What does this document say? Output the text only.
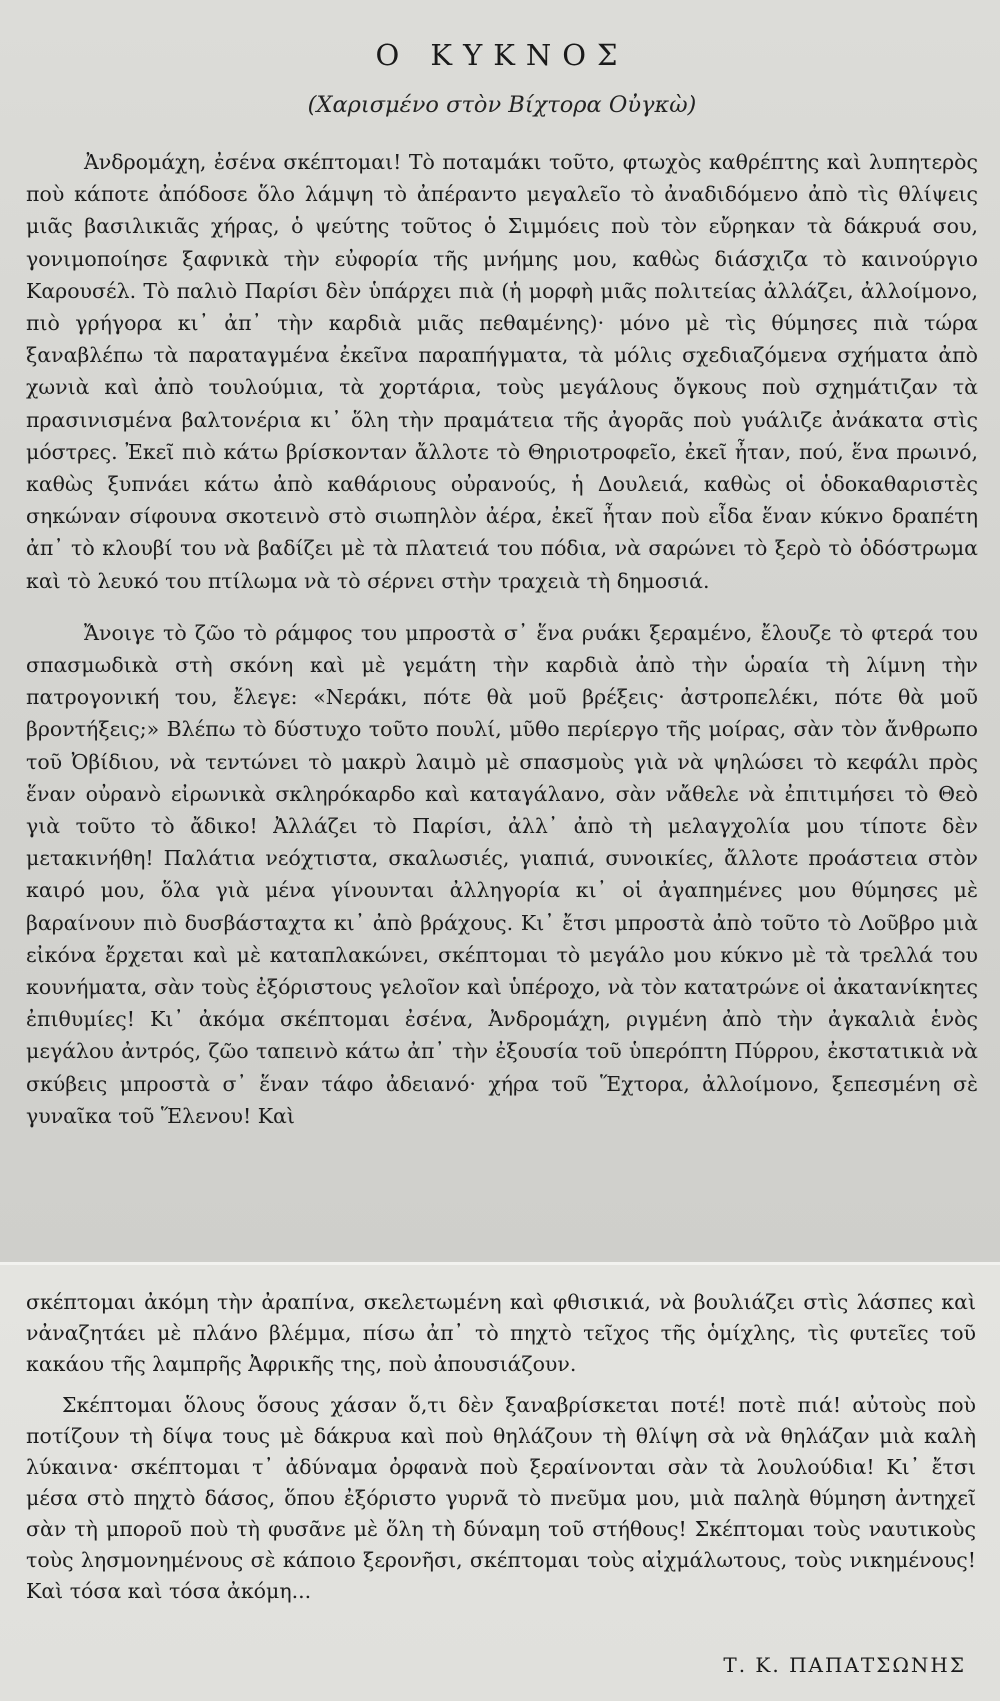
Ο ΚΥΚΝΟΣ
(Χαρισμένο στὸν Βίχτορα Οὐγκὼ)

Ἀνδρομάχη, ἐσένα σκέπτομαι! Τὸ ποταμάκι τοῦτο, φτωχὸς καθρέπτης καὶ λυπητερὸς ποὺ κάποτε ἀπόδοσε ὅλο λάμψη τὸ ἀπέραντο μεγαλεῖο τὸ ἀναδιδόμενο ἀπὸ τὶς θλίψεις μιᾶς βασιλικιᾶς χήρας, ὁ ψεύτης τοῦτος ὁ Σιμμόεις ποὺ τὸν εὔρηκαν τὰ δάκρυά σου, γονιμοποίησε ξαφνικὰ τὴν εὐφορία τῆς μνήμης μου, καθὼς διάσχιζα τὸ καινούργιο Καρουσέλ. Τὸ παλιὸ Παρίσι δὲν ὑπάρχει πιὰ (ἡ μορφὴ μιᾶς πολιτείας ἀλλάζει, ἀλλοίμονο, πιὸ γρήγορα κι᾿ ἀπ᾿ τὴν καρδιὰ μιᾶς πεθαμένης)· μόνο μὲ τὶς θύμησες πιὰ τώρα ξαναβλέπω τὰ παραταγμένα ἐκεῖνα παραπήγματα, τὰ μόλις σχεδιαζόμενα σχήματα ἀπὸ χωνιὰ καὶ ἀπὸ τουλούμια, τὰ χορτάρια, τοὺς μεγάλους ὄγκους ποὺ σχημάτιζαν τὰ πρασινισμένα βαλτονέρια κι᾿ ὅλη τὴν πραμάτεια τῆς ἀγορᾶς ποὺ γυάλιζε ἀνάκατα στὶς μόστρες. Ἐκεῖ πιὸ κάτω βρίσκονταν ἄλλοτε τὸ Θηριοτροφεῖο, ἐκεῖ ἦταν, πού, ἕνα πρωινό, καθὼς ξυπνάει κάτω ἀπὸ καθάριους οὐρανούς, ἡ Δουλειά, καθὼς οἱ ὁδοκαθαριστὲς σηκώναν σίφουνα σκοτεινὸ στὸ σιωπηλὸν ἀέρα, ἐκεῖ ἦταν ποὺ εἶδα ἕναν κύκνο δραπέτη ἀπ᾿ τὸ κλουβί του νὰ βαδίζει μὲ τὰ πλατειά του πόδια, νὰ σαρώνει τὸ ξερὸ τὸ ὁδόστρωμα καὶ τὸ λευκό του πτίλωμα νὰ τὸ σέρνει στὴν τραχειὰ τὴ δημοσιά.

Ἄνοιγε τὸ ζῶο τὸ ράμφος του μπροστὰ σ᾿ ἕνα ρυάκι ξεραμένο, ἔλουζε τὸ φτερά του σπασμωδικὰ στὴ σκόνη καὶ μὲ γεμάτη τὴν καρδιὰ ἀπὸ τὴν ὡραία τὴ λίμνη τὴν πατρογονική του, ἔλεγε: «Νεράκι, πότε θὰ μοῦ βρέξεις· ἀστροπελέκι, πότε θὰ μοῦ βροντήξεις;» Βλέπω τὸ δύστυχο τοῦτο πουλί, μῦθο περίεργο τῆς μοίρας, σὰν τὸν ἄνθρωπο τοῦ Ὀβίδιου, νὰ τεντώνει τὸ μακρὺ λαιμὸ μὲ σπασμοὺς γιὰ νὰ ψηλώσει τὸ κεφάλι πρὸς ἕναν οὐρανὸ εἰρωνικὰ σκληρόκαρδο καὶ καταγάλανο, σὰν νἄθελε νὰ ἐπιτιμήσει τὸ Θεὸ γιὰ τοῦτο τὸ ἄδικο! Ἀλλάζει τὸ Παρίσι, ἀλλ᾿ ἀπὸ τὴ μελαγχολία μου τίποτε δὲν μετακινήθη! Παλάτια νεόχτιστα, σκαλωσιές, γιαπιά, συνοικίες, ἄλλοτε προάστεια στὸν καιρό μου, ὅλα γιὰ μένα γίνουνται ἀλληγορία κι᾿ οἱ ἀγαπημένες μου θύμησες μὲ βαραίνουν πιὸ δυσβάσταχτα κι᾿ ἀπὸ βράχους. Κι᾿ ἔτσι μπροστὰ ἀπὸ τοῦτο τὸ Λοῦβρο μιὰ εἰκόνα ἔρχεται καὶ μὲ καταπλακώνει, σκέπτομαι τὸ μεγάλο μου κύκνο μὲ τὰ τρελλά του κουνήματα, σὰν τοὺς ἐξόριστους γελοῖον καὶ ὑπέροχο, νὰ τὸν κατατρώνε οἱ ἀκατανίκητες ἐπιθυμίες! Κι᾿ ἀκόμα σκέπτομαι ἐσένα, Ἀνδρομάχη, ριγμένη ἀπὸ τὴν ἀγκαλιὰ ἑνὸς μεγάλου ἀντρός, ζῶο ταπεινὸ κάτω ἀπ᾿ τὴν ἐξουσία τοῦ ὑπερόπτη Πύρρου, ἐκστατικιὰ νὰ σκύβεις μπροστὰ σ᾿ ἕναν τάφο ἀδειανό· χήρα τοῦ Ἕχτορα, ἀλλοίμονο, ξεπεσμένη σὲ γυναῖκα τοῦ Ἕλενου! Καὶ

σκέπτομαι ἀκόμη τὴν ἀραπίνα, σκελετωμένη καὶ φθισικιά, νὰ βουλιάζει στὶς λάσπες καὶ νἀναζητάει μὲ πλάνο βλέμμα, πίσω ἀπ᾿ τὸ πηχτὸ τεῖχος τῆς ὁμίχλης, τὶς φυτεῖες τοῦ κακάου τῆς λαμπρῆς Ἀφρικῆς της, ποὺ ἀπουσιάζουν.

Σκέπτομαι ὅλους ὅσους χάσαν ὅ,τι δὲν ξαναβρίσκεται ποτέ! ποτὲ πιά! αὐτοὺς ποὺ ποτίζουν τὴ δίψα τους μὲ δάκρυα καὶ ποὺ θηλάζουν τὴ θλίψη σὰ νὰ θηλάζαν μιὰ καλὴ λύκαινα· σκέπτομαι τ᾿ ἀδύναμα ὀρφανὰ ποὺ ξεραίνονται σὰν τὰ λουλούδια! Κι᾿ ἔτσι μέσα στὸ πηχτὸ δάσος, ὅπου ἐξόριστο γυρνᾶ τὸ πνεῦμα μου, μιὰ παληὰ θύμηση ἀντηχεῖ σὰν τὴ μποροῦ ποὺ τὴ φυσᾶνε μὲ ὅλη τὴ δύναμη τοῦ στήθους! Σκέπτομαι τοὺς ναυτικοὺς τοὺς λησμονημένους σὲ κάποιο ξερονῆσι, σκέπτομαι τοὺς αἰχμάλωτους, τοὺς νικημένους! Καὶ τόσα καὶ τόσα ἀκόμη...

Τ. Κ. ΠΑΠΑΤΣΩΝΗΣ
